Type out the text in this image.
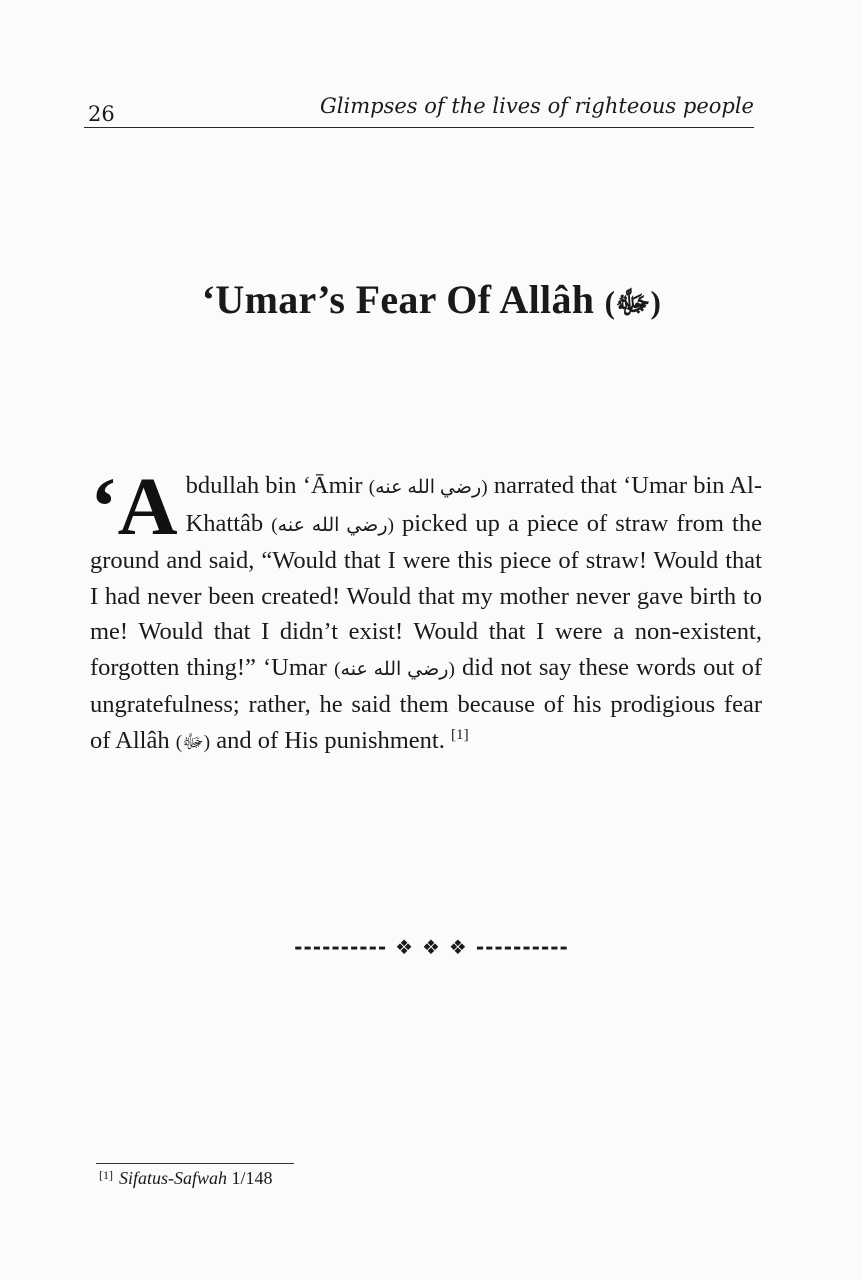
26	Glimpses of the lives of righteous people
‘Umar’s Fear Of Allâh (ﷻ)
‘Abdullah bin ‘Āmir (رضي الله عنه) narrated that ‘Umar bin Al-Khattâb (رضي الله عنه) picked up a piece of straw from the ground and said, “Would that I were this piece of straw! Would that I had never been created! Would that my mother never gave birth to me! Would that I didn’t exist! Would that I were a non-existent, forgotten thing!” ‘Umar (رضي الله عنه) did not say these words out of ungratefulness; rather, he said them because of his prodigious fear of Allâh (ﷻ) and of His punishment. [1]
---------- ❖ ❖ ❖ ----------
[1] Sifatus-Safwah 1/148
